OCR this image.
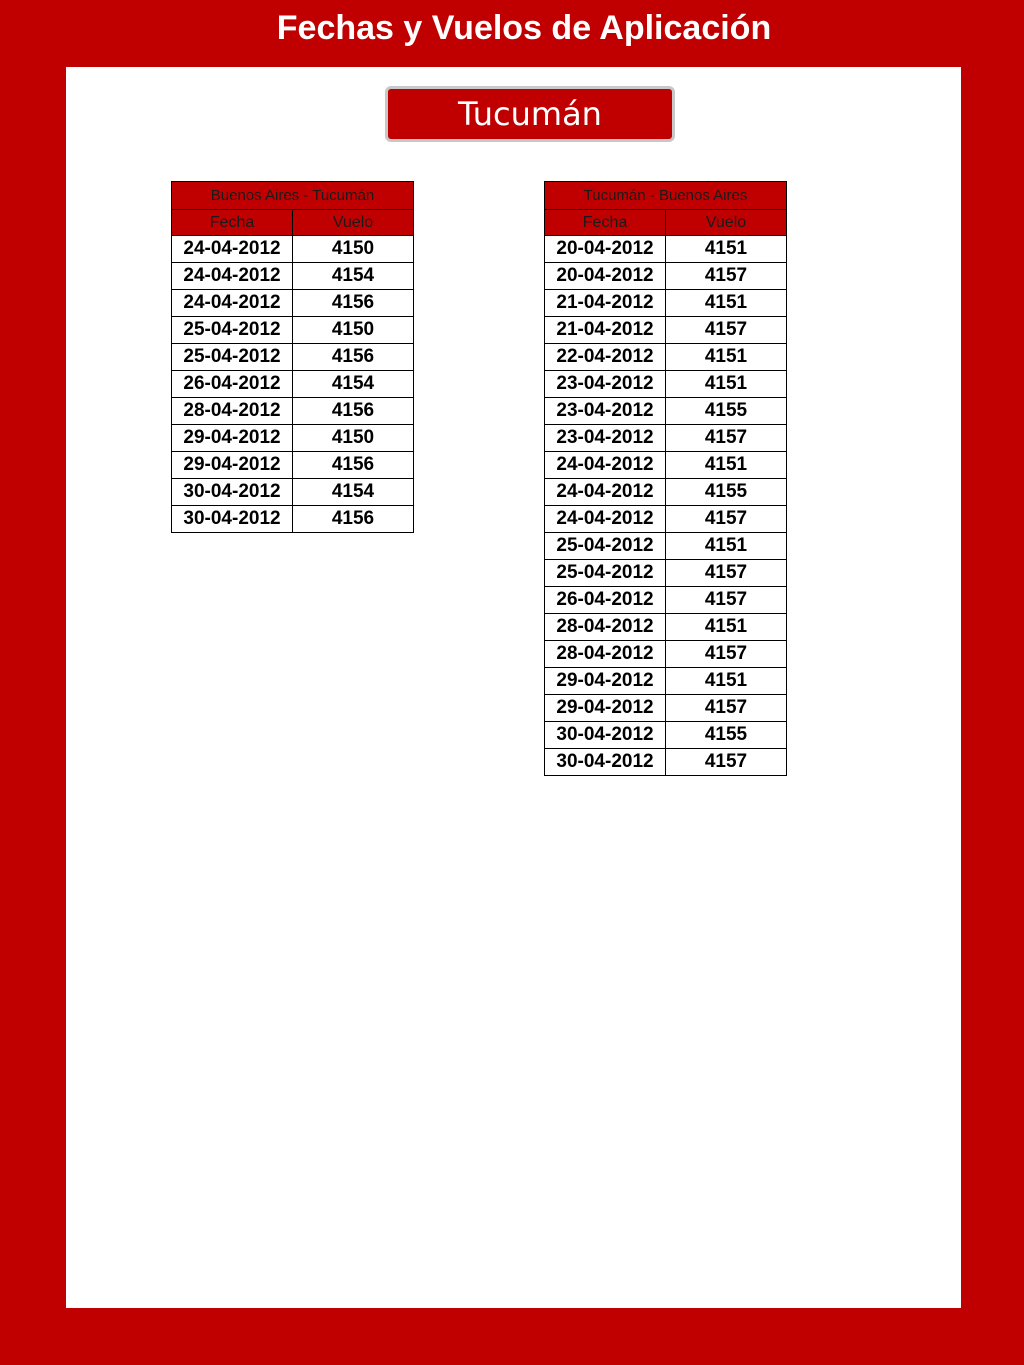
Fechas y Vuelos de Aplicación
Tucumán
Buenos Aires - Tucumán	
Fecha	Vuelo
24-04-2012	4150
24-04-2012	4154
24-04-2012	4156
25-04-2012	4150
25-04-2012	4156
26-04-2012	4154
28-04-2012	4156
29-04-2012	4150
29-04-2012	4156
30-04-2012	4154
30-04-2012	4156
Tucumán - Buenos Aires	
Fecha	Vuelo
20-04-2012	4151
20-04-2012	4157
21-04-2012	4151
21-04-2012	4157
22-04-2012	4151
23-04-2012	4151
23-04-2012	4155
23-04-2012	4157
24-04-2012	4151
24-04-2012	4155
24-04-2012	4157
25-04-2012	4151
25-04-2012	4157
26-04-2012	4157
28-04-2012	4151
28-04-2012	4157
29-04-2012	4151
29-04-2012	4157
30-04-2012	4155
30-04-2012	4157
